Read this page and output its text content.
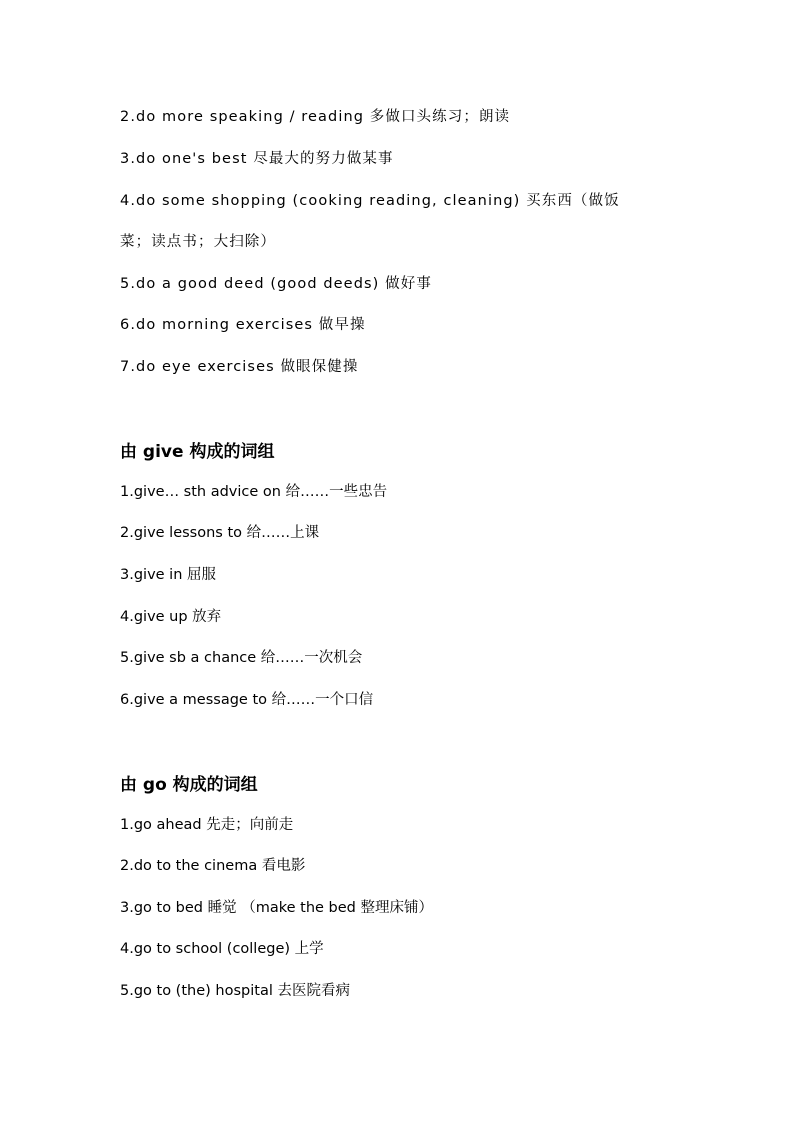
2.do more speaking / reading 多做口头练习；朗读
3.do one's best 尽最大的努力做某事
4.do some shopping (cooking reading, cleaning) 买东西（做饭
菜；读点书；大扫除）
5.do a good deed (good deeds) 做好事
6.do morning exercises 做早操
7.do eye exercises 做眼保健操
由 give 构成的词组
1.give… sth advice on 给……一些忠告
2.give lessons to 给……上课
3.give in 屈服
4.give up 放弃
5.give sb a chance 给……一次机会
6.give a message to 给……一个口信
由 go 构成的词组
1.go ahead 先走；向前走
2.do to the cinema 看电影
3.go to bed 睡觉 （make the bed 整理床铺）
4.go to school (college) 上学
5.go to (the) hospital 去医院看病
